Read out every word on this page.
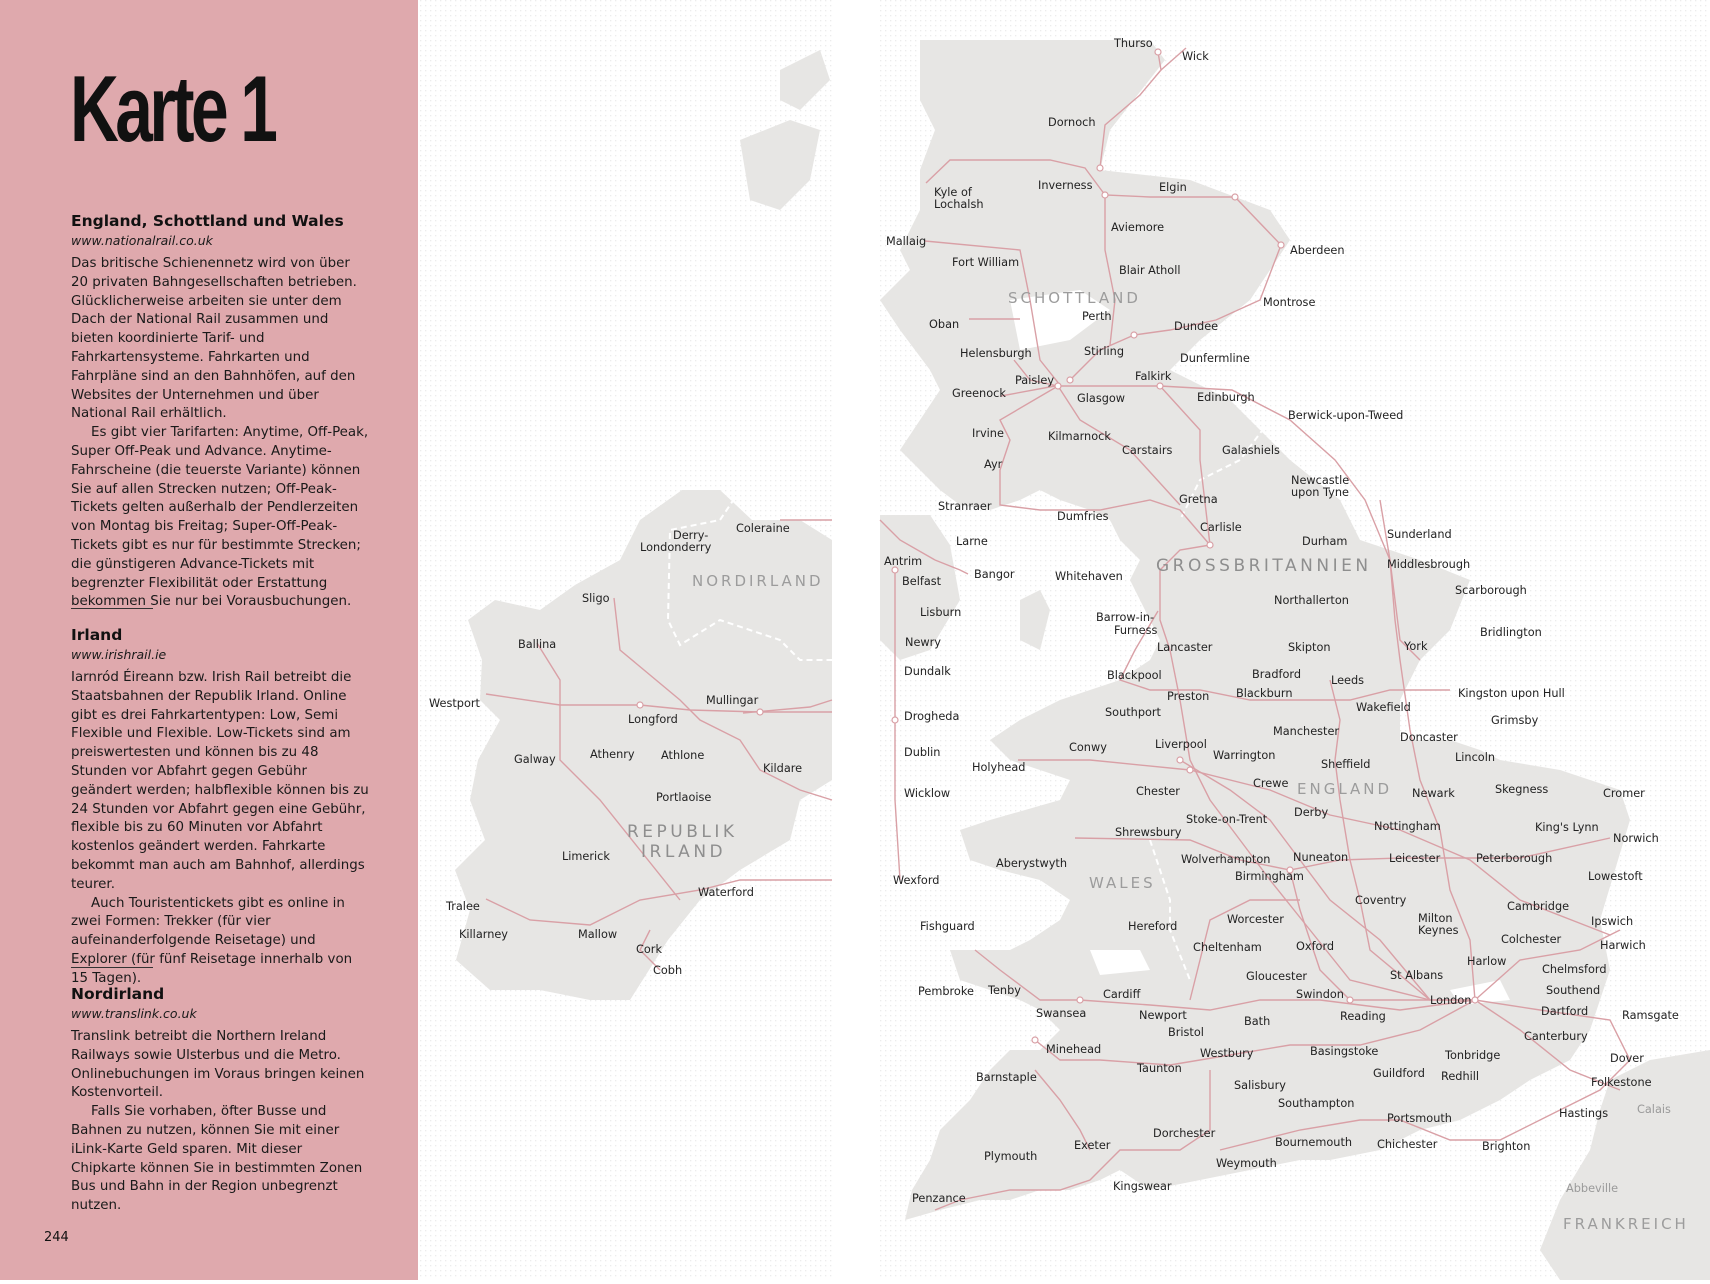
Karte 1
England, Schottland und Wales
www.nationalrail.co.uk

Das britische Schienennetz wird von über 20 privaten Bahngesellschaften betrieben. Glücklicherweise arbeiten sie unter dem Dach der National Rail zusammen und bieten koordinierte Tarif- und Fahrkartensysteme. Fahrkarten und Fahrpläne sind an den Bahnhöfen, auf den Websites der Unternehmen und über National Rail erhältlich.

Es gibt vier Tarifarten: Anytime, Off-Peak, Super Off-Peak und Advance. Anytime-Fahrscheine (die teuerste Variante) können Sie auf allen Strecken nutzen; Off-Peak-Tickets gelten außerhalb der Pendlerzeiten von Montag bis Freitag; Super-Off-Peak-Tickets gibt es nur für bestimmte Strecken; die günstigeren Advance-Tickets mit begrenzter Flexibilität oder Erstattung bekommen Sie nur bei Vorausbuchungen.

Irland
www.irishrail.ie

Iarnród Éireann bzw. Irish Rail betreibt die Staatsbahnen der Republik Irland. Online gibt es drei Fahrkartentypen: Low, Semi Flexible und Flexible. Low-Tickets sind am preiswertesten und können bis zu 48 Stunden vor Abfahrt gegen Gebühr geändert werden; halbflexible können bis zu 24 Stunden vor Abfahrt gegen eine Gebühr, flexible bis zu 60 Minuten vor Abfahrt kostenlos geändert werden. Fahrkarte bekommt man auch am Bahnhof, allerdings teurer.

Auch Touristentickets gibt es online in zwei Formen: Trekker (für vier aufeinanderfolgende Reisetage) und Explorer (für fünf Reisetage innerhalb von 15 Tagen).

Nordirland
www.translink.co.uk

Translink betreibt die Northern Ireland Railways sowie Ulsterbus und die Metro. Onlinebuchungen im Voraus bringen keinen Kostenvorteil.

Falls Sie vorhaben, öfter Busse und Bahnen zu nutzen, können Sie mit einer iLink-Karte Geld sparen. Mit dieser Chipkarte können Sie in bestimmten Zonen Bus und Bahn in der Region unbegrenzt nutzen.

244
SCHOTTLAND
GROSSBRITANNIEN
ENGLAND
WALES
NORDIRLAND
REPUBLIK
IRLAND
FRANKREICH
Thurso
Wick
Dornoch
Kyle of
Lochalsh
Inverness	Elgin
Aviemore
Aberdeen
Mallaig
Fort William
Blair Atholl
Montrose
Oban
Perth
Dundee
Helensburgh	Stirling
Dunfermline
Falkirk
Paisley
Greenock	Glasgow	Edinburgh
Berwick-upon-Tweed
Irvine	Kilmarnock
Carstairs	Galashiels
Ayr
Newcastle
upon Tyne
Stranraer
Gretna
Dumfries
Carlisle
Durham
Sunderland
Middlesbrough
Whitehaven
Scarborough
Northallerton
Barrow-in-
Furness	Bridlington
York
Lancaster	Skipton
Bradford	Leeds
Blackpool
Preston Blackburn	Kingston upon Hull
Wakefield
Southport
Grimsby
Manchester	Doncaster
Conwy	Liverpool
Warrington
Sheffield
Lincoln
Holyhead
Chester
Crewe
Newark	Skegness	Cromer
Derby
Stoke-on-Trent
Nottingham	King's Lynn
Shrewsbury	Norwich
Aberystwyth	Wolverhampton Nuneaton	Leicester	Peterborough
Lowestoft
Birmingham
Coventry	Cambridge
Worcester	Milton
Keynes
Ipswich
Fishguard	Hereford
Colchester
Cheltenham	Oxford	Harwich
Harlow
Chelmsford
Gloucester	St Albans
Southend
Pembroke Tenby	Cardiff	Swindon	London
Dartford	Ramsgate
Swansea	Newport	Reading
Bath
Bristol	Canterbury
Minehead	Westbury	Basingstoke	Tonbridge	Dover
Taunton	Guildford Redhill
Barnstaple
Salisbury	Folkestone
Calais
Southampton
Hastings
Portsmouth
Dorchester
Exeter	Bournemouth Chichester	Brighton
Plymouth
Weymouth
Kingswear	Abbeville
Penzance
Coleraine
Derry-
Londonderry	Larne
Antrim
Belfast
Bangor
Sligo
Lisburn
Newry
Ballina
Dundalk
Westport	Mullingar
Longford	Drogheda
Galway	Athenry Athlone	Dublin
Kildare
Portlaoise	Wicklow
Limerick
Wexford
Waterford
Tralee
Killarney	Mallow
Cork
Cobh
